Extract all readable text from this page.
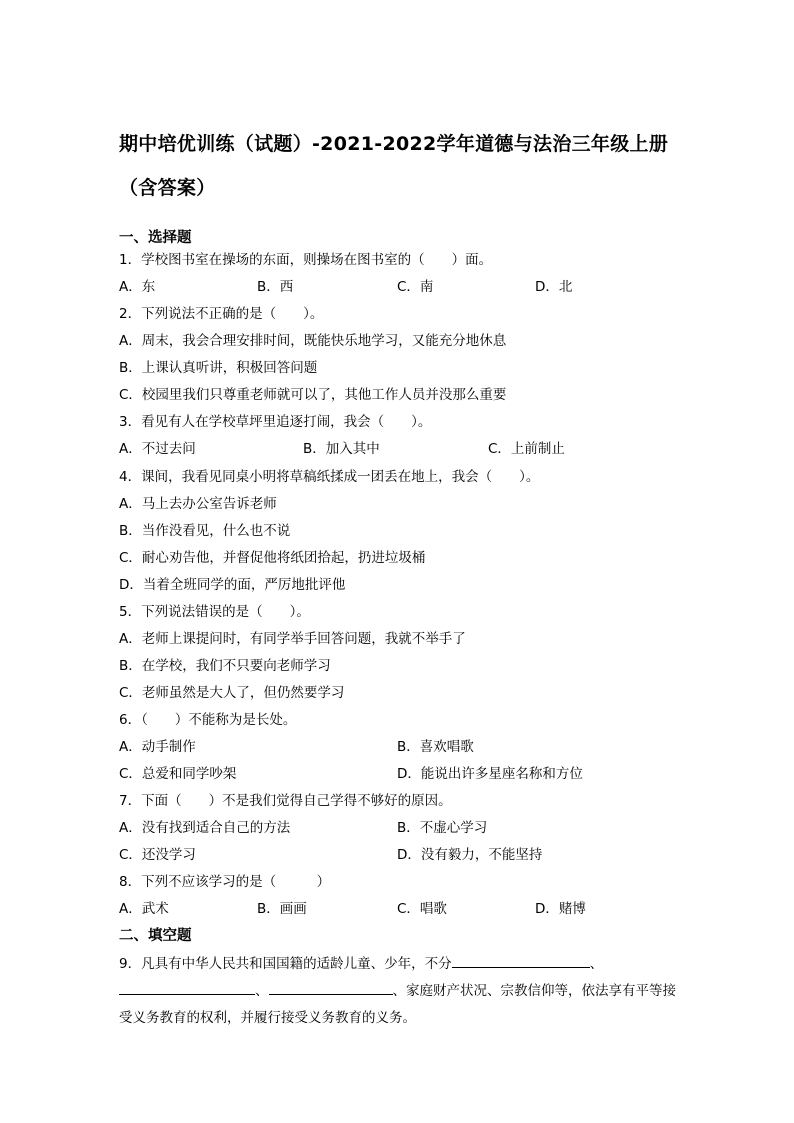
期中培优训练（试题）-2021-2022学年道德与法治三年级上册（含答案）
一、选择题
1．学校图书室在操场的东面，则操场在图书室的（　　）面。
A．东	B．西	C．南	D．北
2．下列说法不正确的是（　　）。
A．周末，我会合理安排时间，既能快乐地学习，又能充分地休息
B．上课认真听讲，积极回答问题
C．校园里我们只尊重老师就可以了，其他工作人员并没那么重要
3．看见有人在学校草坪里追逐打闹，我会（　　）。
A．不过去问	B．加入其中	C．上前制止
4．课间，我看见同桌小明将草稿纸揉成一团丢在地上，我会（　　）。
A．马上去办公室告诉老师
B．当作没看见，什么也不说
C．耐心劝告他，并督促他将纸团拾起，扔进垃圾桶
D．当着全班同学的面，严厉地批评他
5．下列说法错误的是（　　）。
A．老师上课提问时，有同学举手回答问题，我就不举手了
B．在学校，我们不只要向老师学习
C．老师虽然是大人了，但仍然要学习
6．（　　）不能称为是长处。
A．动手制作	B．喜欢唱歌
C．总爱和同学吵架	D．能说出许多星座名称和方位
7．下面（　　）不是我们觉得自己学得不够好的原因。
A．没有找到适合自己的方法	B．不虚心学习
C．还没学习	D．没有毅力，不能坚持
8．下列不应该学习的是（　　　）
A．武术	B．画画	C．唱歌	D．赌博
二、填空题
9．凡具有中华人民共和国国籍的适龄儿童、少年，不分	、
、	、家庭财产状况、宗教信仰等，依法享有平等接
受义务教育的权利，并履行接受义务教育的义务。
